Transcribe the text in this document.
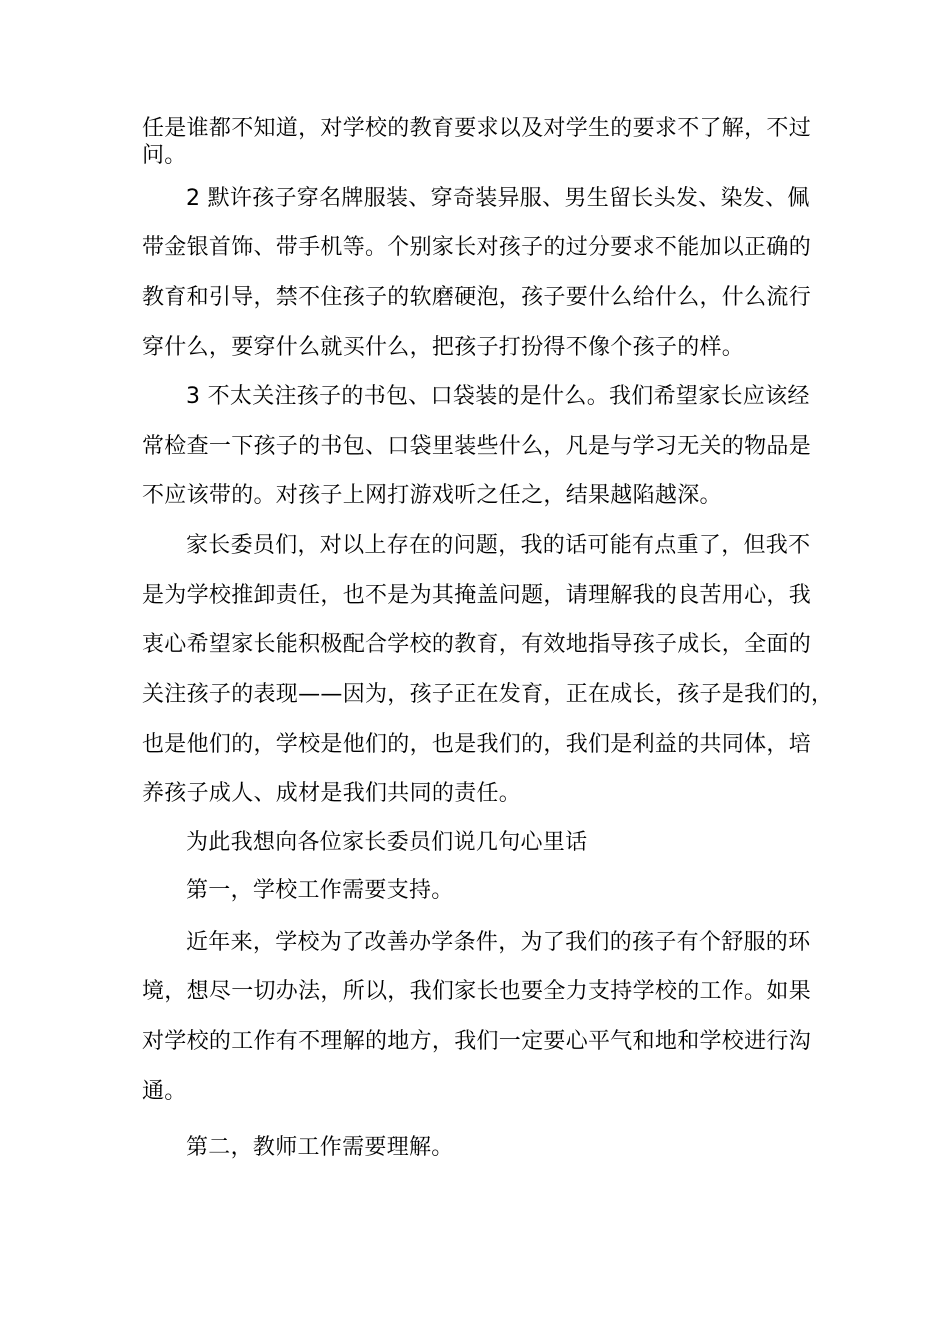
任是谁都不知道，对学校的教育要求以及对学生的要求不了解，不过
问。
2 默许孩子穿名牌服装、穿奇装异服、男生留长头发、染发、佩
带金银首饰、带手机等。个别家长对孩子的过分要求不能加以正确的
教育和引导，禁不住孩子的软磨硬泡，孩子要什么给什么，什么流行
穿什么，要穿什么就买什么，把孩子打扮得不像个孩子的样。
3 不太关注孩子的书包、口袋装的是什么。我们希望家长应该经
常检查一下孩子的书包、口袋里装些什么，凡是与学习无关的物品是
不应该带的。对孩子上网打游戏听之任之，结果越陷越深。
家长委员们，对以上存在的问题，我的话可能有点重了，但我不
是为学校推卸责任，也不是为其掩盖问题，请理解我的良苦用心，我
衷心希望家长能积极配合学校的教育，有效地指导孩子成长，全面的
关注孩子的表现——因为，孩子正在发育，正在成长，孩子是我们的，
也是他们的，学校是他们的，也是我们的，我们是利益的共同体，培
养孩子成人、成材是我们共同的责任。
为此我想向各位家长委员们说几句心里话
第一，学校工作需要支持。
近年来，学校为了改善办学条件，为了我们的孩子有个舒服的环
境，想尽一切办法，所以，我们家长也要全力支持学校的工作。如果
对学校的工作有不理解的地方，我们一定要心平气和地和学校进行沟
通。
第二，教师工作需要理解。
